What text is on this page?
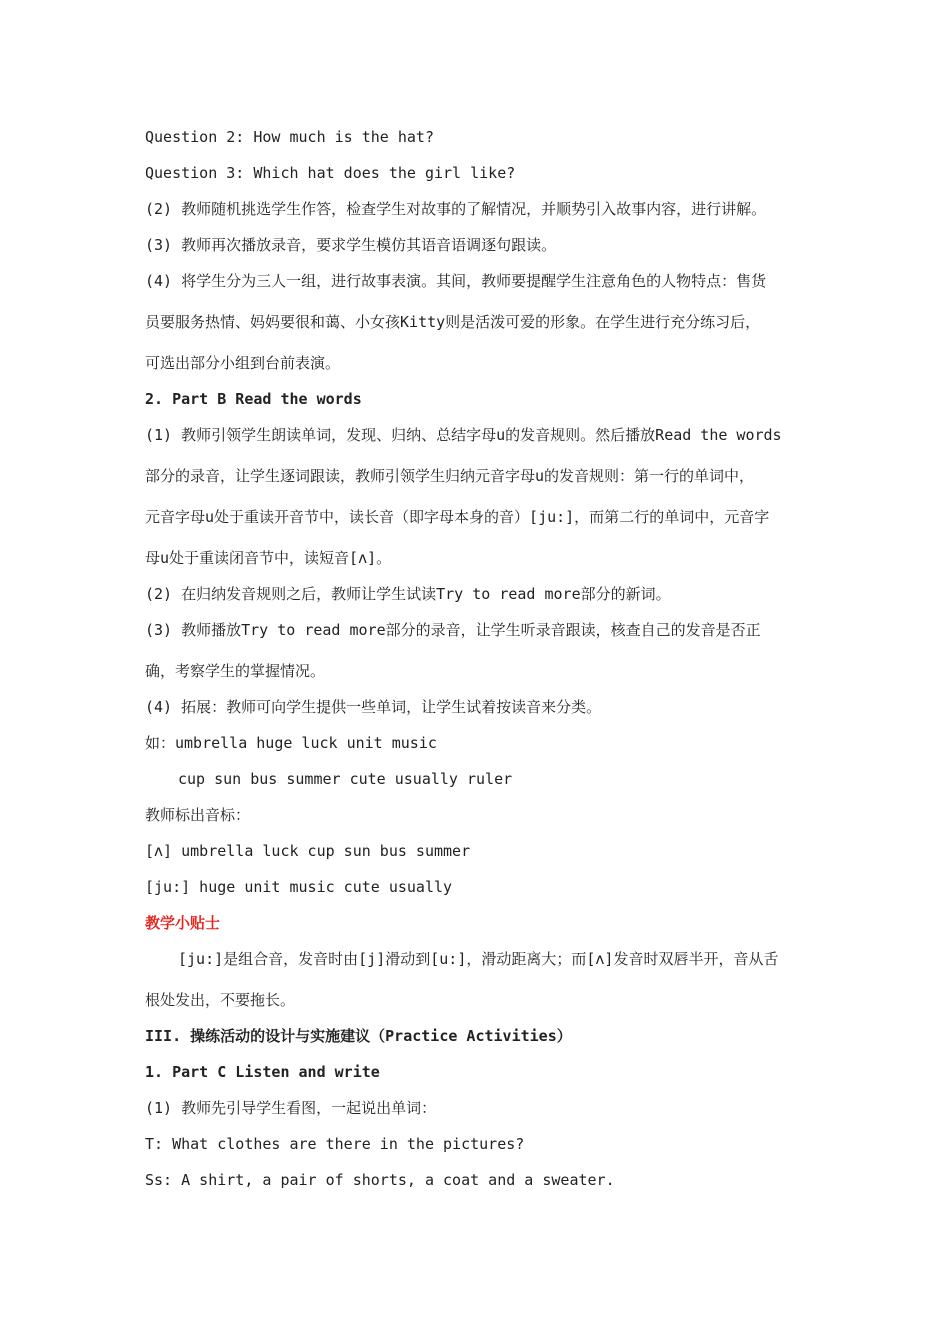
Question 2: How much is the hat?
Question 3: Which hat does the girl like?
(2) 教师随机挑选学生作答，检查学生对故事的了解情况，并顺势引入故事内容，进行讲解。
(3) 教师再次播放录音，要求学生模仿其语音语调逐句跟读。
(4) 将学生分为三人一组，进行故事表演。其间，教师要提醒学生注意角色的人物特点：售货
员要服务热情、妈妈要很和蔼、小女孩Kitty则是活泼可爱的形象。在学生进行充分练习后，
可选出部分小组到台前表演。
2. Part B Read the words
(1) 教师引领学生朗读单词，发现、归纳、总结字母u的发音规则。然后播放Read the words
部分的录音，让学生逐词跟读，教师引领学生归纳元音字母u的发音规则：第一行的单词中，
元音字母u处于重读开音节中，读长音（即字母本身的音）[ju:]，而第二行的单词中，元音字
母u处于重读闭音节中，读短音[ʌ]。
(2) 在归纳发音规则之后，教师让学生试读Try to read more部分的新词。
(3) 教师播放Try to read more部分的录音，让学生听录音跟读，核查自己的发音是否正
确，考察学生的掌握情况。
(4) 拓展：教师可向学生提供一些单词，让学生试着按读音来分类。
如：umbrella huge luck unit music
cup sun bus summer cute usually ruler
教师标出音标：
[ʌ] umbrella luck cup sun bus summer
[ju:] huge unit music cute usually
教学小贴士
[ju:]是组合音，发音时由[j]滑动到[u:]，滑动距离大；而[ʌ]发音时双唇半开，音从舌
根处发出，不要拖长。
III. 操练活动的设计与实施建议（Practice Activities）
1. Part C Listen and write
(1) 教师先引导学生看图，一起说出单词：
T: What clothes are there in the pictures?
Ss: A shirt, a pair of shorts, a coat and a sweater.
